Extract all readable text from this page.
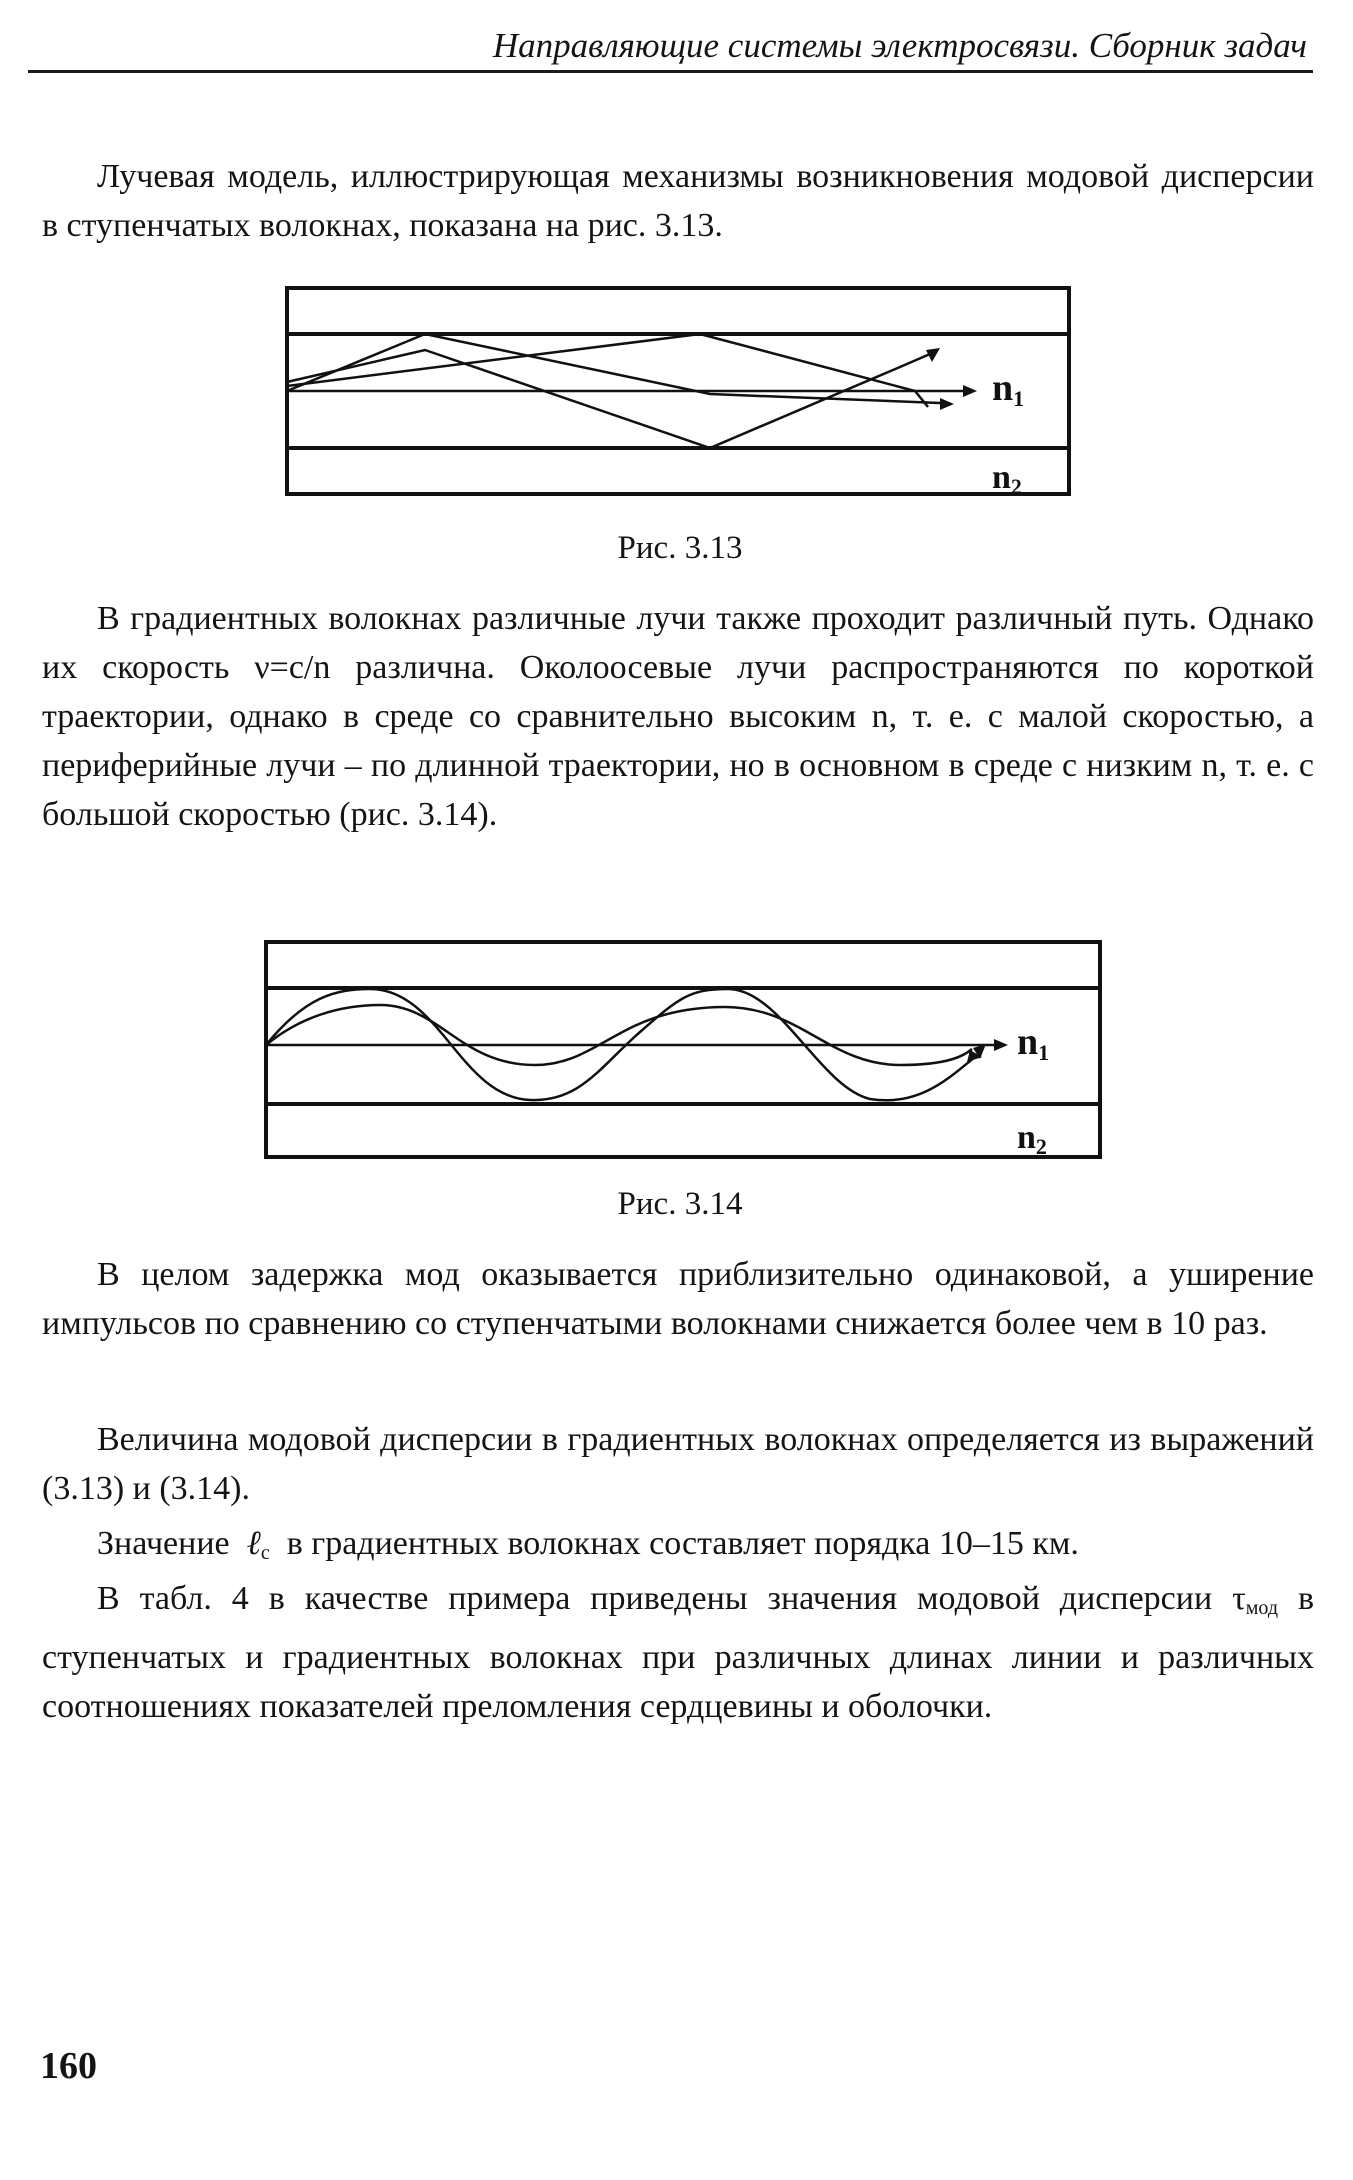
Направляющие системы электросвязи. Сборник задач

Лучевая модель, иллюстрирующая механизмы возникновения модовой дисперсии в ступенчатых волокнах, показана на рис. 3.13.

n1
n2
Рис. 3.13

В градиентных волокнах различные лучи также проходит различный путь. Однако их скорость ν=c/n различна. Околоосевые лучи распространяются по короткой траектории, однако в среде со сравнительно высоким n, т. е. с малой скоростью, а периферийные лучи – по длинной траектории, но в основном в среде с низким n, т. е. с большой скоростью (рис. 3.14).

n1
n2
Рис. 3.14

В целом задержка мод оказывается приблизительно одинаковой, а уширение импульсов по сравнению со ступенчатыми волокнами снижается более чем в 10 раз.

Величина модовой дисперсии в градиентных волокнах определяется из выражений (3.13) и (3.14).

Значение ℓ$_c$ в градиентных волокнах составляет порядка 10–15 км.

В табл. 4 в качестве примера приведены значения модовой дисперсии $\tau_{мод}$ в ступенчатых и градиентных волокнах при различных длинах линии и различных соотношениях показателей преломления сердцевины и оболочки.

160
